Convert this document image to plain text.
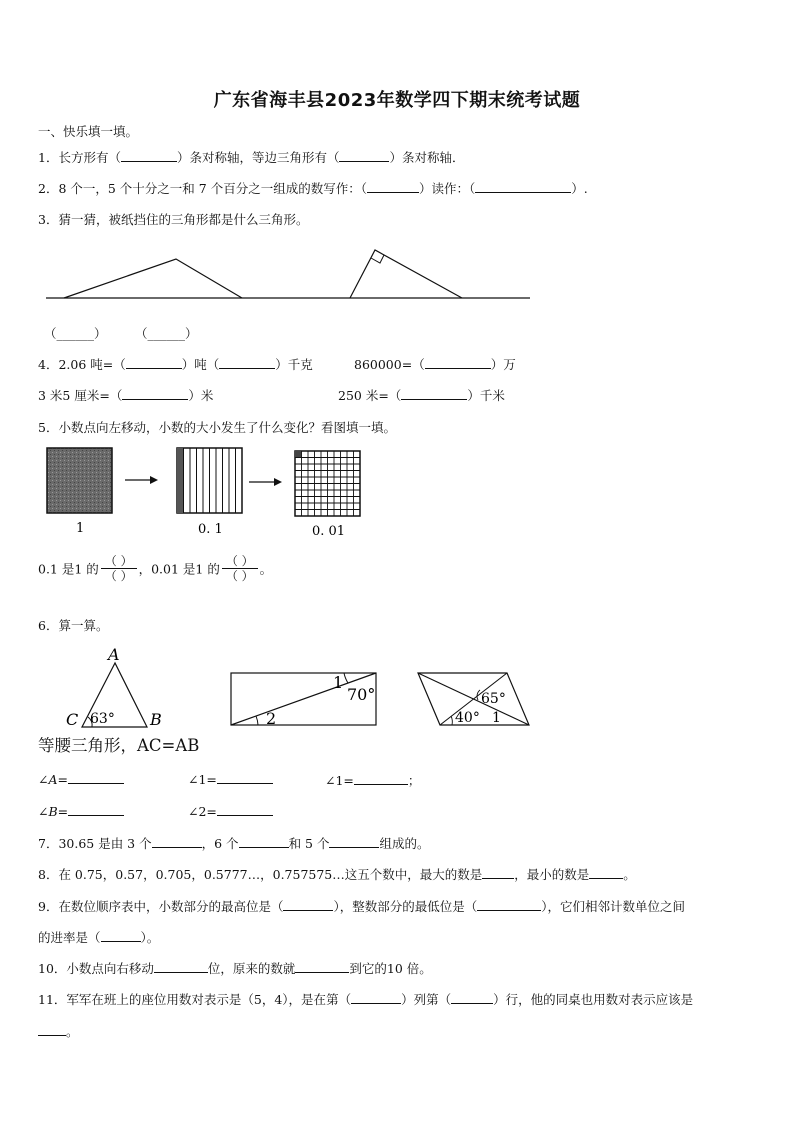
广东省海丰县2023年数学四下期末统考试题
一、快乐填一填。
1．长方形有（	）条对称轴，等边三角形有（	）条对称轴．
2．8 个一，5 个十分之一和 7 个百分之一组成的数写作：（	）读作：（	）.
3．猜一猜，被纸挡住的三角形都是什么三角形。
（______） （______）
4．2.06 吨=（	）吨（	）千克	860000=（	）万
3 米5 厘米=（	）米	250 米=（	）千米
5．小数点向左移动，小数的大小发生了什么变化？看图填一填。
1	0. 1	0. 01
0.1 是1 的 $\frac{( )}{( )}$ ，0.01 是1 的 $\frac{( )}{( )}$ 。
6．算一算。
A
B
C 63°
1
70°
2
65°
40° 1
等腰三角形，AC=AB
∠A=	∠1=	∠1=	；
∠B=	∠2=
7．30.65 是由 3 个	，6 个	和 5 个	组成的。
8．在 0.75，0.57，0.705，0.5777…，0.757575…这五个数中，最大的数是	，最小的数是	。
9．在数位顺序表中，小数部分的最高位是（	），整数部分的最低位是（	），它们相邻计数单位之间
的进率是（	）。
10．小数点向右移动	位，原来的数就	到它的10 倍。
11．军军在班上的座位用数对表示是（5，4），是在第（	）列第（	）行，他的同桌也用数对表示应该是
。
